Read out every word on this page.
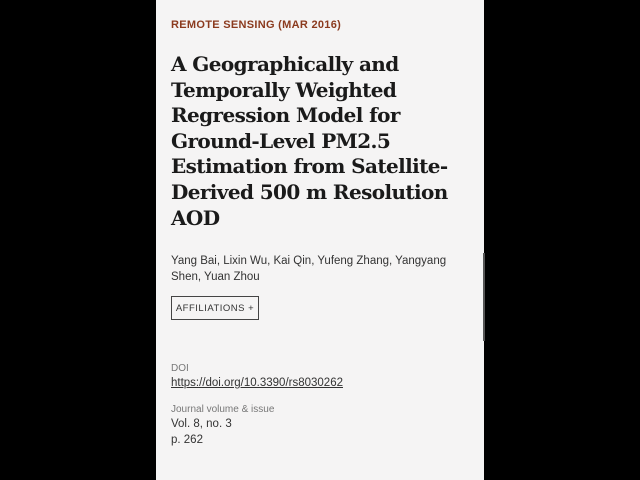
REMOTE SENSING (MAR 2016)
A Geographically and Temporally Weighted Regression Model for Ground-Level PM2.5 Estimation from Satellite-Derived 500 m Resolution AOD
Yang Bai, Lixin Wu, Kai Qin, Yufeng Zhang, Yangyang Shen, Yuan Zhou
AFFILIATIONS +
DOI
https://doi.org/10.3390/rs8030262
Journal volume & issue
Vol. 8, no. 3
p. 262
